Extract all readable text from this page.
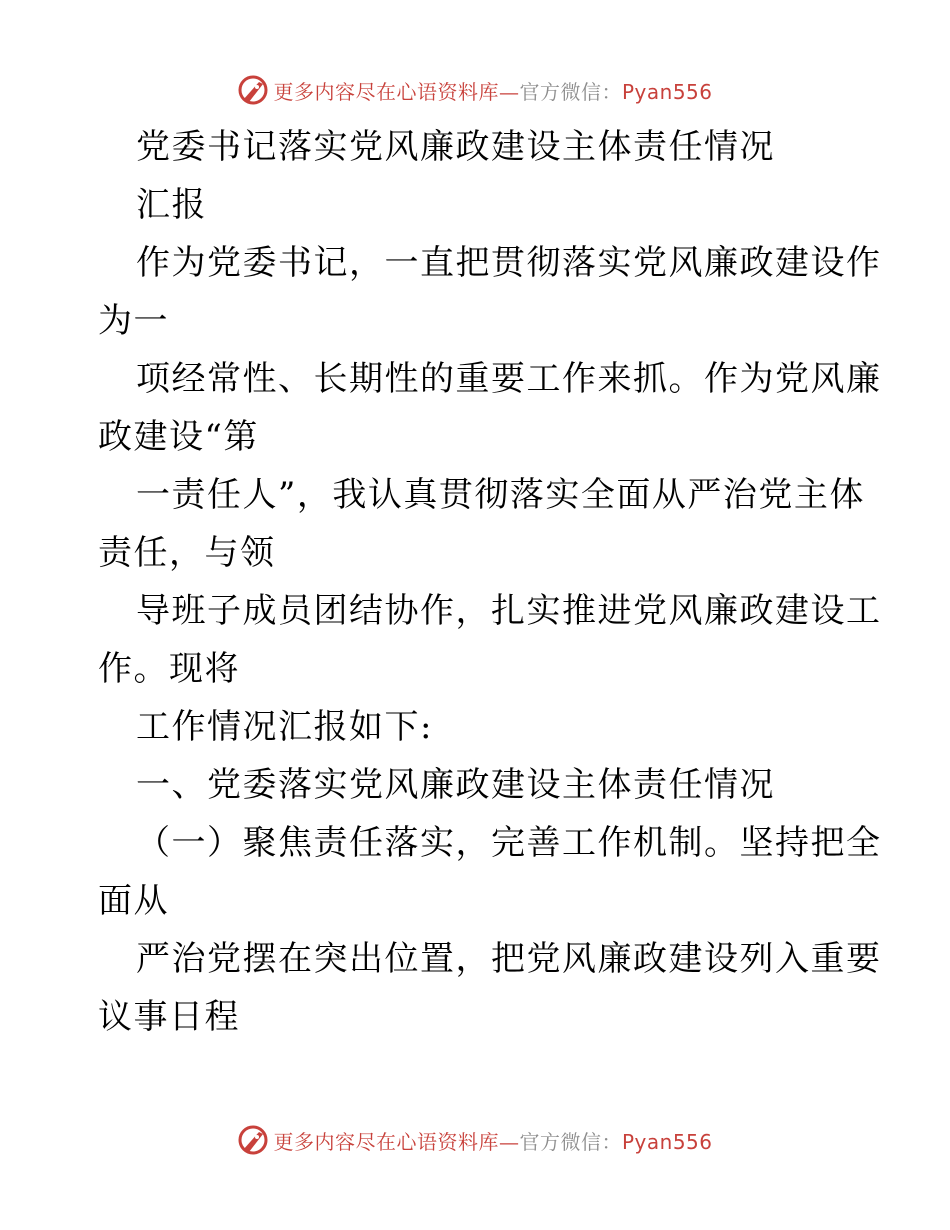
更多内容尽在心语资料库—官方微信：Pyan556
党委书记落实党风廉政建设主体责任情况
汇报
作为党委书记，一直把贯彻落实党风廉政建设作
为一
项经常性、长期性的重要工作来抓。作为党风廉
政建设“第
一责任人”，我认真贯彻落实全面从严治党主体
责任，与领
导班子成员团结协作，扎实推进党风廉政建设工
作。现将
工作情况汇报如下:
一、党委落实党风廉政建设主体责任情况
（一）聚焦责任落实，完善工作机制。坚持把全
面从
严治党摆在突出位置，把党风廉政建设列入重要
议事日程
更多内容尽在心语资料库—官方微信：Pyan556
